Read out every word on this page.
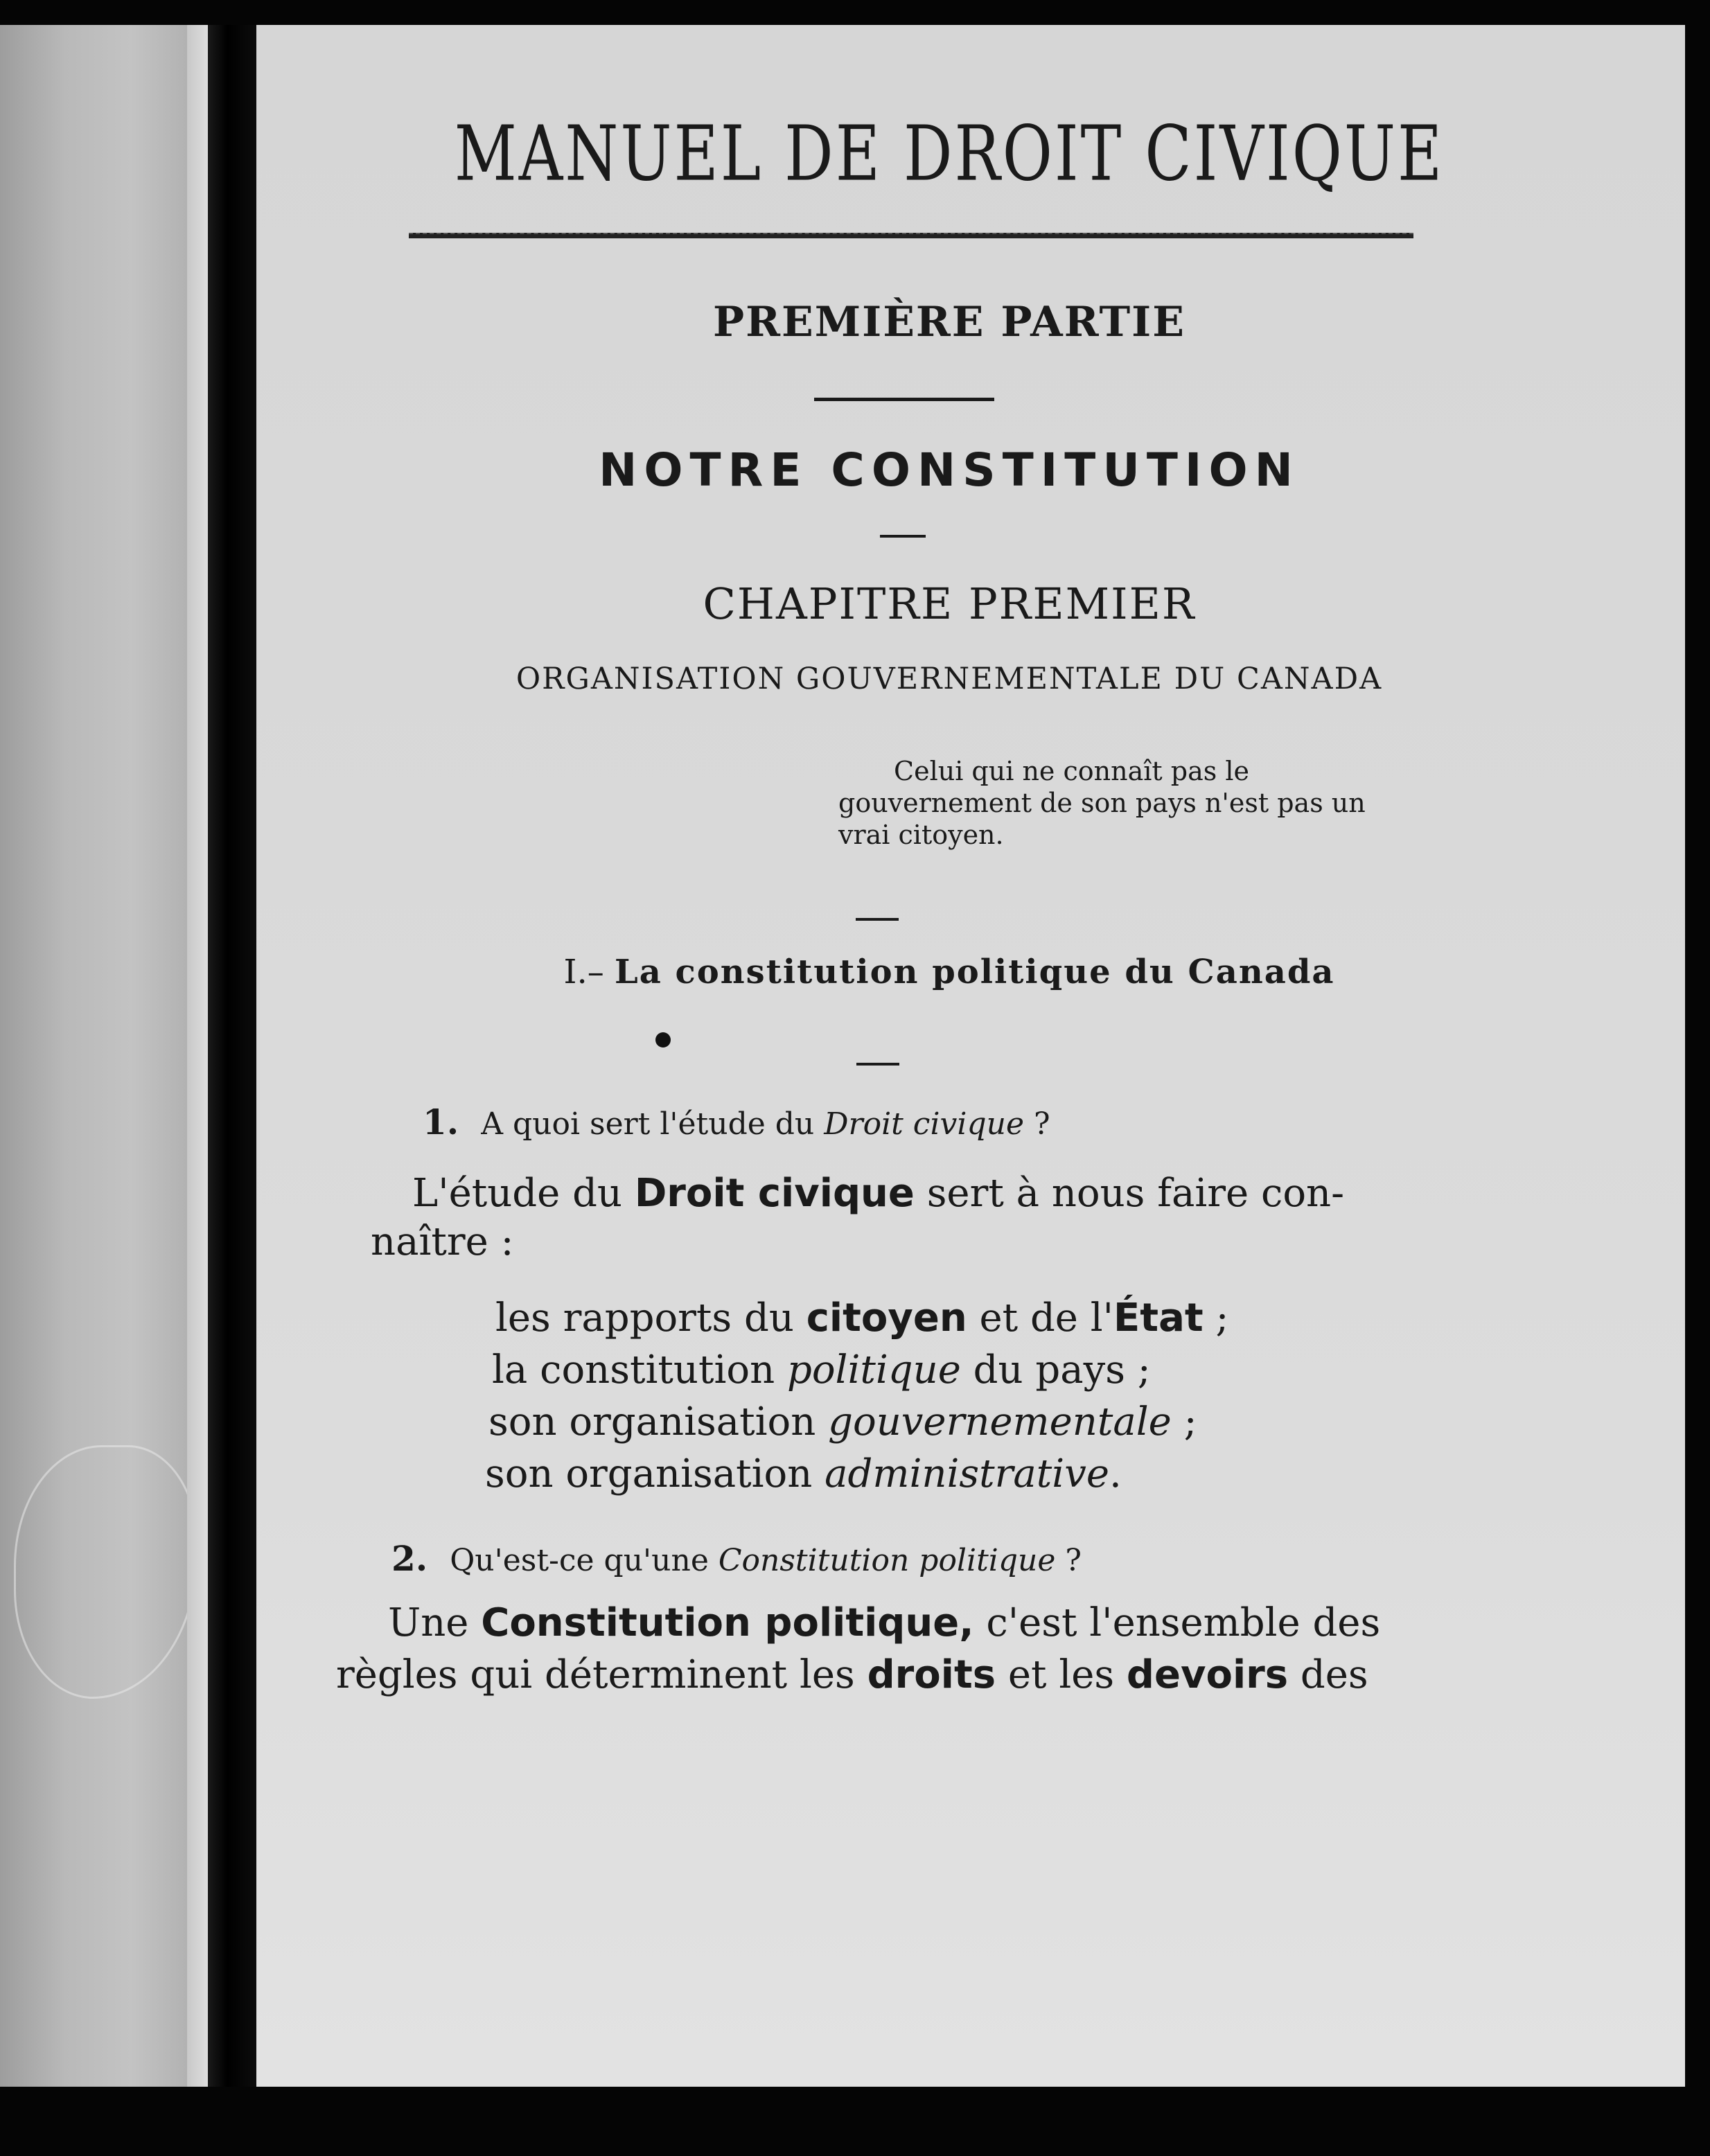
MANUEL DE DROIT CIVIQUE
PREMIÈRE PARTIE
NOTRE CONSTITUTION
CHAPITRE PREMIER
ORGANISATION GOUVERNEMENTALE DU CANADA
Celui qui ne connaît pas le gouvernement de son pays n'est pas un vrai citoyen.
I.– La constitution politique du Canada
1. A quoi sert l'étude du Droit civique ?
L'étude du Droit civique sert à nous faire con-
naître :
les rapports du citoyen et de l'État ;
la constitution politique du pays ;
son organisation gouvernementale ;
son organisation administrative.
2. Qu'est-ce qu'une Constitution politique ?
Une Constitution politique, c'est l'ensemble des
règles qui déterminent les droits et les devoirs des
